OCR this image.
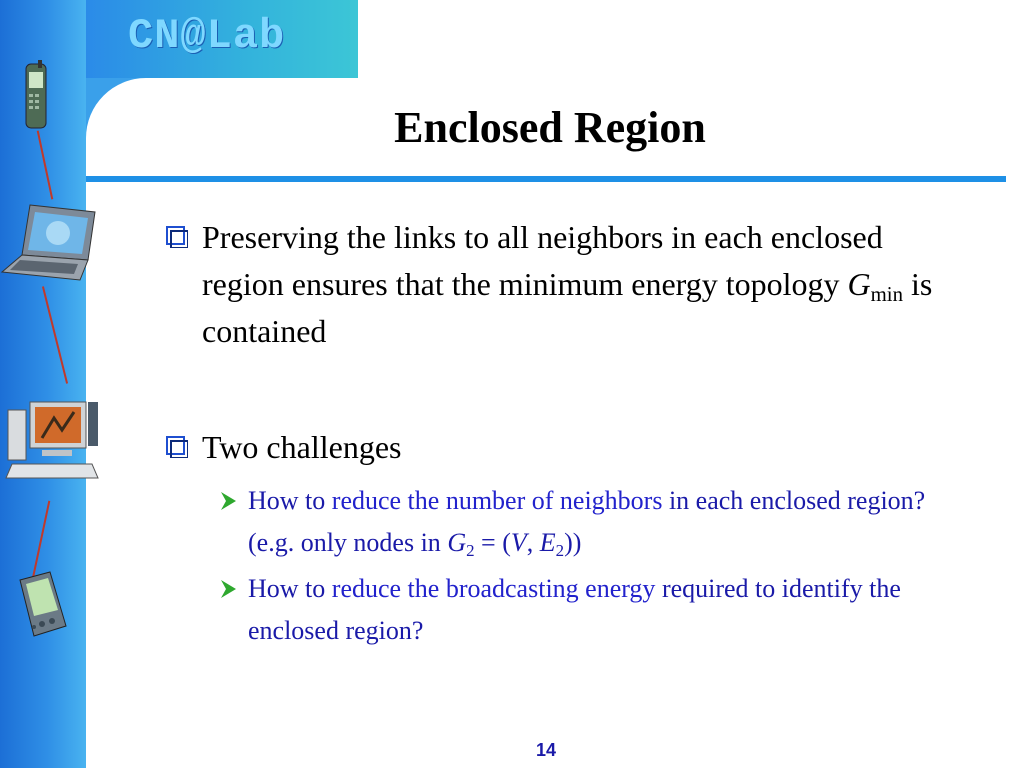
CN@Lab
Enclosed Region
Preserving the links to all neighbors in each enclosed region ensures that the minimum energy topology $G_{min}$ is contained
Two challenges
How to reduce the number of neighbors in each enclosed region? (e.g. only nodes in $G_2 = (V$, $E_2$))
How to reduce the broadcasting energy required to identify the enclosed region?
14
